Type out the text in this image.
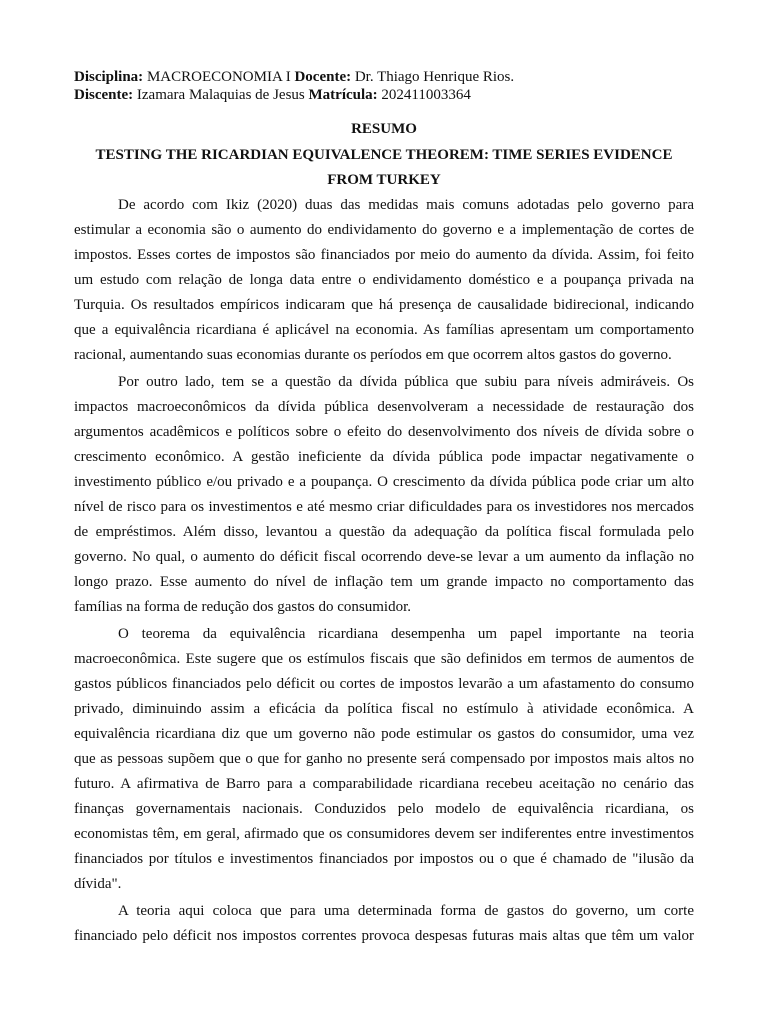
Disciplina: MACROECONOMIA I Docente: Dr. Thiago Henrique Rios.
Discente: Izamara Malaquias de Jesus Matrícula: 202411003364
RESUMO
TESTING THE RICARDIAN EQUIVALENCE THEOREM: TIME SERIES EVIDENCE
FROM TURKEY
De acordo com Ikiz (2020) duas das medidas mais comuns adotadas pelo governo para
estimular a economia são o aumento do endividamento do governo e a implementação de cortes de
impostos. Esses cortes de impostos são financiados por meio do aumento da dívida. Assim, foi feito
um estudo com relação de longa data entre o endividamento doméstico e a poupança privada na
Turquia. Os resultados empíricos indicaram que há presença de causalidade bidirecional, indicando
que a equivalência ricardiana é aplicável na economia. As famílias apresentam um comportamento
racional, aumentando suas economias durante os períodos em que ocorrem altos gastos do governo.
Por outro lado, tem se a questão da dívida pública que subiu para níveis admiráveis. Os
impactos macroeconômicos da dívida pública desenvolveram a necessidade de restauração dos
argumentos acadêmicos e políticos sobre o efeito do desenvolvimento dos níveis de dívida sobre o
crescimento econômico. A gestão ineficiente da dívida pública pode impactar negativamente o
investimento público e/ou privado e a poupança. O crescimento da dívida pública pode criar um alto
nível de risco para os investimentos e até mesmo criar dificuldades para os investidores nos mercados
de empréstimos. Além disso, levantou a questão da adequação da política fiscal formulada pelo
governo. No qual, o aumento do déficit fiscal ocorrendo deve-se levar a um aumento da inflação no
longo prazo. Esse aumento do nível de inflação tem um grande impacto no comportamento das
famílias na forma de redução dos gastos do consumidor.
O teorema da equivalência ricardiana desempenha um papel importante na teoria
macroeconômica. Este sugere que os estímulos fiscais que são definidos em termos de aumentos de
gastos públicos financiados pelo déficit ou cortes de impostos levarão a um afastamento do consumo
privado, diminuindo assim a eficácia da política fiscal no estímulo à atividade econômica. A
equivalência ricardiana diz que um governo não pode estimular os gastos do consumidor, uma vez
que as pessoas supõem que o que for ganho no presente será compensado por impostos mais altos no
futuro. A afirmativa de Barro para a comparabilidade ricardiana recebeu aceitação no cenário das
finanças governamentais nacionais. Conduzidos pelo modelo de equivalência ricardiana, os
economistas têm, em geral, afirmado que os consumidores devem ser indiferentes entre investimentos
financiados por títulos e investimentos financiados por impostos ou o que é chamado de "ilusão da
dívida".
A teoria aqui coloca que para uma determinada forma de gastos do governo, um corte
financiado pelo déficit nos impostos correntes provoca despesas futuras mais altas que têm um valor
